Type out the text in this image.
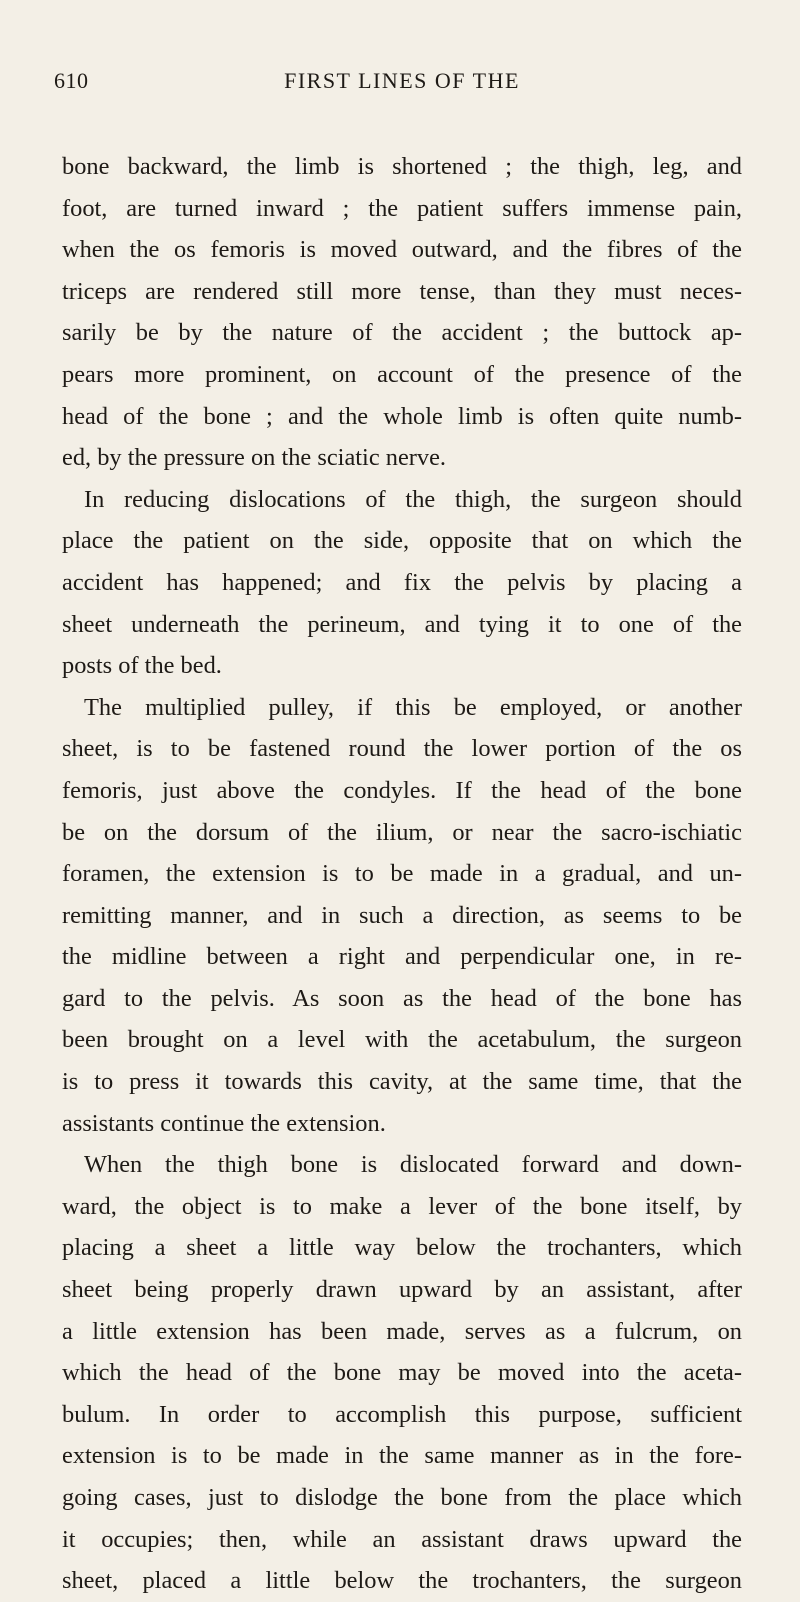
610	FIRST LINES OF THE
bone backward, the limb is shortened ; the thigh, leg, and
foot, are turned inward ; the patient suffers immense pain,
when the os femoris is moved outward, and the fibres of the
triceps are rendered still more tense, than they must neces-
sarily be by the nature of the accident ; the buttock ap-
pears more prominent, on account of the presence of the
head of the bone ; and the whole limb is often quite numb-
ed, by the pressure on the sciatic nerve.
In reducing dislocations of the thigh, the surgeon should
place the patient on the side, opposite that on which the
accident has happened; and fix the pelvis by placing a
sheet underneath the perineum, and tying it to one of the
posts of the bed.
The multiplied pulley, if this be employed, or another
sheet, is to be fastened round the lower portion of the os
femoris, just above the condyles. If the head of the bone
be on the dorsum of the ilium, or near the sacro-ischiatic
foramen, the extension is to be made in a gradual, and un-
remitting manner, and in such a direction, as seems to be
the midline between a right and perpendicular one, in re-
gard to the pelvis. As soon as the head of the bone has
been brought on a level with the acetabulum, the surgeon
is to press it towards this cavity, at the same time, that the
assistants continue the extension.
When the thigh bone is dislocated forward and down-
ward, the object is to make a lever of the bone itself, by
placing a sheet a little way below the trochanters, which
sheet being properly drawn upward by an assistant, after
a little extension has been made, serves as a fulcrum, on
which the head of the bone may be moved into the aceta-
bulum. In order to accomplish this purpose, sufficient
extension is to be made in the same manner as in the fore-
going cases, just to dislodge the bone from the place which
it occupies; then, while an assistant draws upward the
sheet, placed a little below the trochanters, the surgeon
